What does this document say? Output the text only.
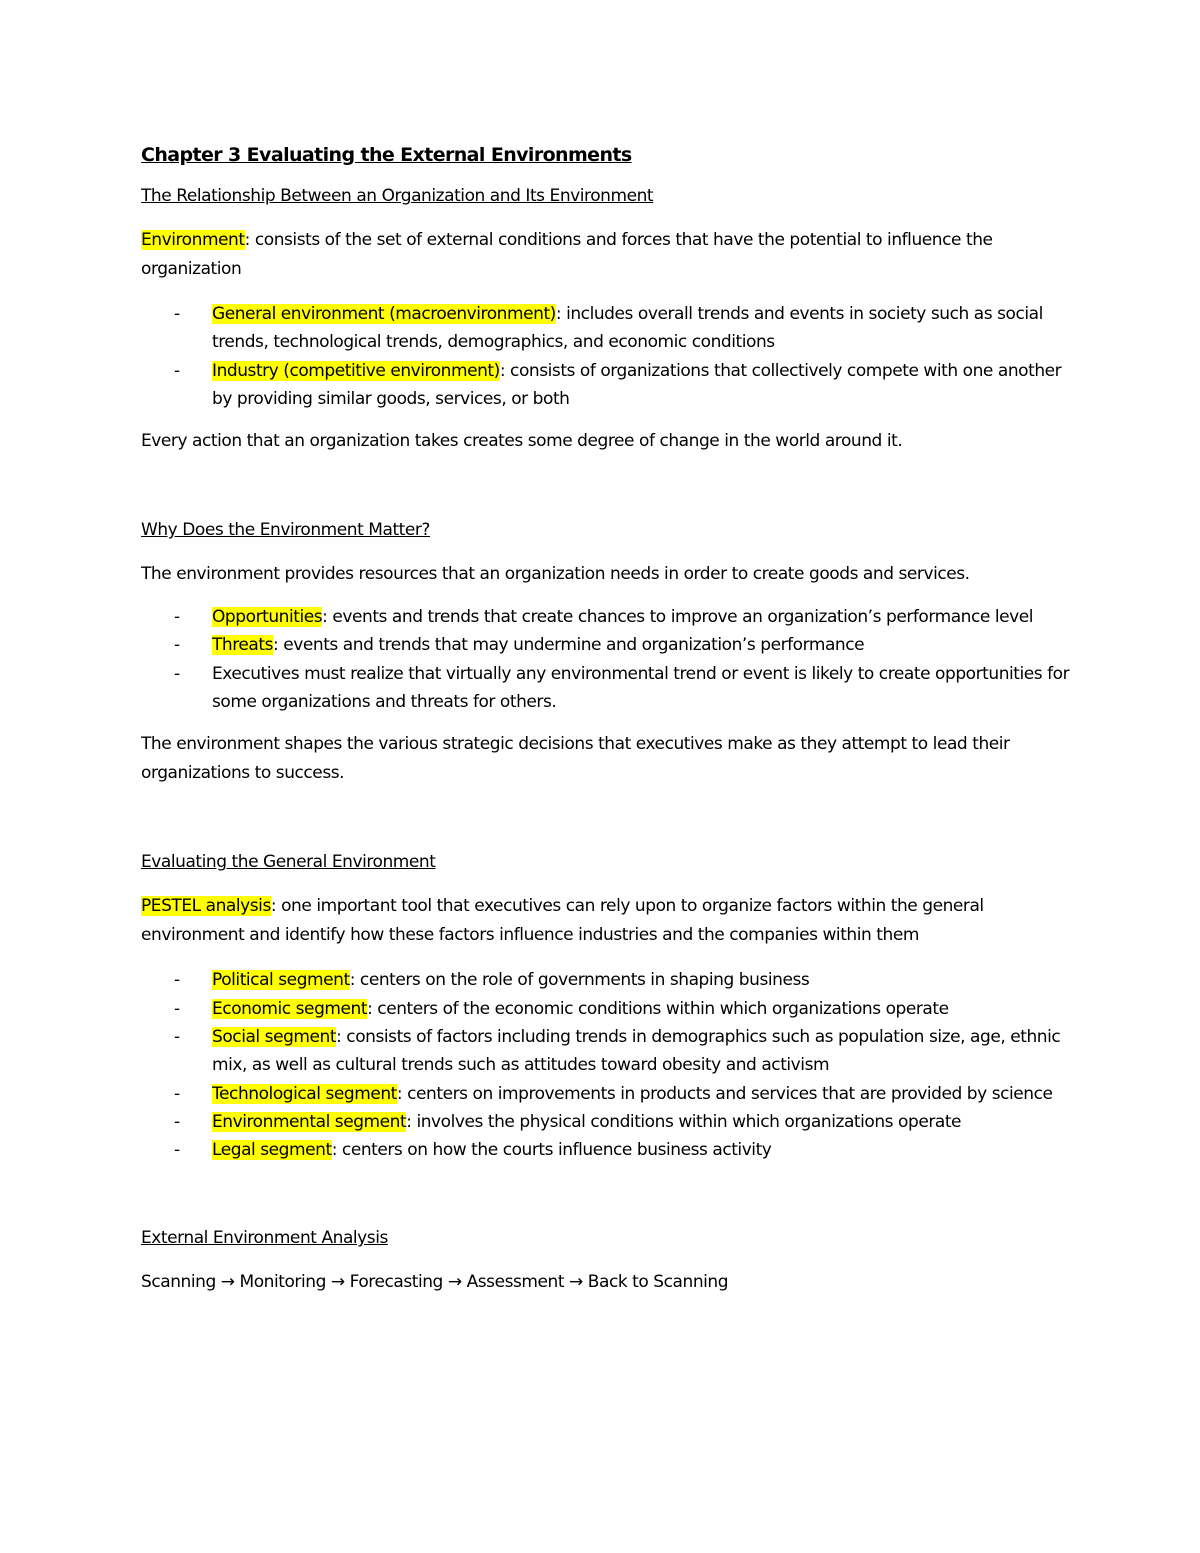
Chapter 3 Evaluating the External Environments
The Relationship Between an Organization and Its Environment

Environment: consists of the set of external conditions and forces that have the potential to influence the organization

- General environment (macroenvironment): includes overall trends and events in society such as social trends, technological trends, demographics, and economic conditions
- Industry (competitive environment): consists of organizations that collectively compete with one another by providing similar goods, services, or both

Every action that an organization takes creates some degree of change in the world around it.

Why Does the Environment Matter?

The environment provides resources that an organization needs in order to create goods and services.

- Opportunities: events and trends that create chances to improve an organization’s performance level
- Threats: events and trends that may undermine and organization’s performance
- Executives must realize that virtually any environmental trend or event is likely to create opportunities for some organizations and threats for others.

The environment shapes the various strategic decisions that executives make as they attempt to lead their organizations to success.

Evaluating the General Environment

PESTEL analysis: one important tool that executives can rely upon to organize factors within the general environment and identify how these factors influence industries and the companies within them

- Political segment: centers on the role of governments in shaping business
- Economic segment: centers of the economic conditions within which organizations operate
- Social segment: consists of factors including trends in demographics such as population size, age, ethnic mix, as well as cultural trends such as attitudes toward obesity and activism
- Technological segment: centers on improvements in products and services that are provided by science
- Environmental segment: involves the physical conditions within which organizations operate
- Legal segment: centers on how the courts influence business activity
External Environment Analysis

Scanning → Monitoring → Forecasting → Assessment → Back to Scanning
